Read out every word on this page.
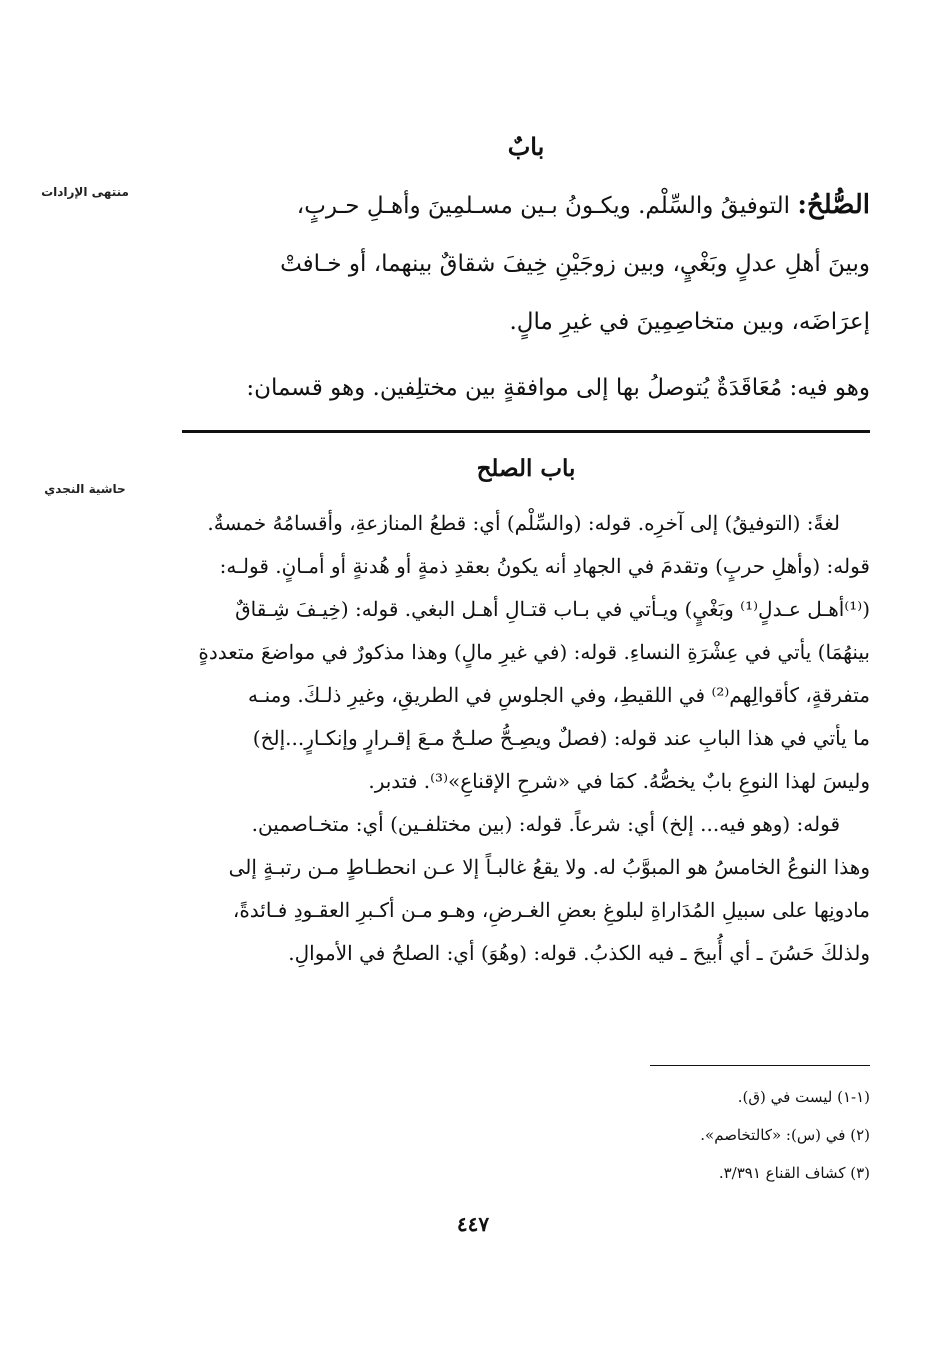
منتهى الإرادات
حاشية النجدي
بابٌ

الصُّلحُ: التوفيقُ والسِّلْم. ويكـونُ بـين مسـلمِينَ وأهـلِ حـربٍ،

وبينَ أهلِ عدلٍ وبَغْيٍ، وبين زوجَيْنِ خِيفَ شقاقٌ بينهما، أو خـافتْ

إعرَاضَه، وبين متخاصِمِينَ في غيرِ مالٍ.

وهو فيه: مُعَاقَدَةٌ يُتوصلُ بها إلى موافقةٍ بين مختلِفين. وهو قسمان:

باب الصلح

لغةً: (التوفيقُ) إلى آخرِه. قوله: (والسِّلْم) أي: قطعُ المنازعةِ، وأقسامُهُ خمسةٌ.

قوله: (وأهلِ حربٍ) وتقدمَ في الجهادِ أنه يكونُ بعقدِ ذمةٍ أو هُدنةٍ أو أمـانٍ. قولـه:

(⁽¹⁾أهـل عـدلٍ⁽¹⁾ وبَغْيٍ) ويـأتي في بـاب قتـالِ أهـل البغي. قوله: (خِيـفَ شِـقاقٌ

بينهُمَا) يأتي في عِشْرَةِ النساءِ. قوله: (في غيرِ مالٍ) وهذا مذكورٌ في مواضعَ متعددةٍ

متفرقةٍ، كأقوالِهم⁽²⁾ في اللقيطِ، وفي الجلوسِ في الطريقِ، وغيرِ ذلـكَ. ومنـه

ما يأتي في هذا البابِ عند قوله: (فصلٌ ويصِـحُّ صلـحٌ مـعَ إقـرارٍ وإنكـارٍ...إلخ)

وليسَ لهذا النوعِ بابٌ يخصُّهُ. كمَا في «شرحِ الإقناعِ»⁽³⁾. فتدبر.

قوله: (وهو فيه... إلخ) أي: شرعاً. قوله: (بين مختلفـين) أي: متخـاصمين.

وهذا النوعُ الخامسُ هو المبوَّبُ له. ولا يقعُ غالبـاً إلا عـن انحطـاطٍ مـن رتبـةٍ إلى

مادونِها على سبيلِ المُدَاراةِ لبلوغِ بعضِ الغـرضِ، وهـو مـن أكـبرِ العقـودِ فـائدةً،

ولذلكَ حَسُنَ ـ أي أُبيحَ ـ فيه الكذبُ. قوله: (وهُوَ) أي: الصلحُ في الأموالِ.

(١-١) ليست في (ق).

(٢) في (س): «كالتخاصم».

(٣) كشاف القناع ٣/٣٩١.

٤٤٧
